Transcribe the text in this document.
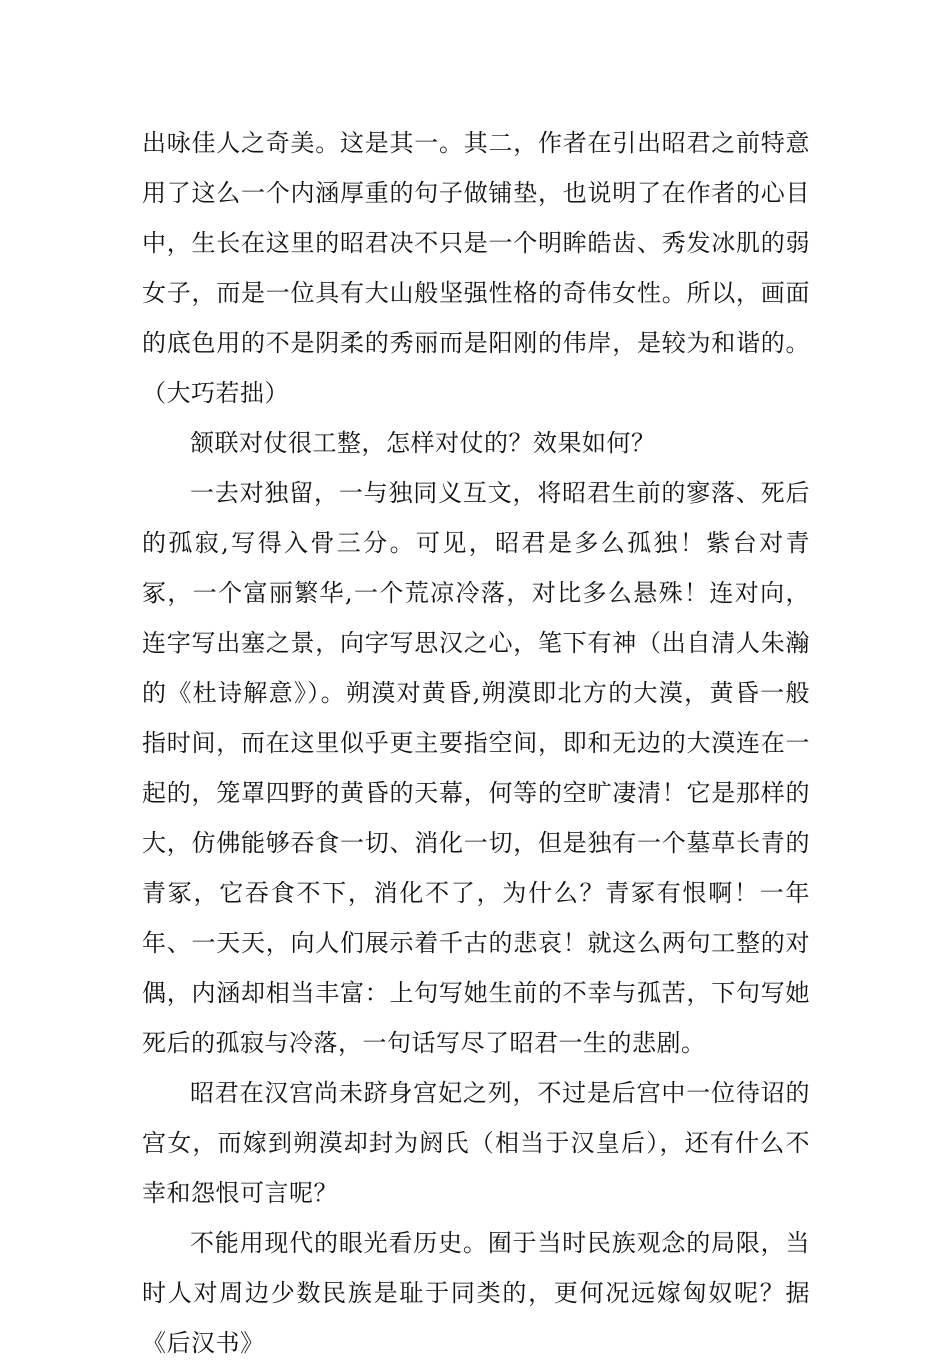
出咏佳人之奇美。这是其一。其二，作者在引出昭君之前特意用了这么一个内涵厚重的句子做铺垫，也说明了在作者的心目中，生长在这里的昭君决不只是一个明眸皓齿、秀发冰肌的弱女子，而是一位具有大山般坚强性格的奇伟女性。所以，画面的底色用的不是阴柔的秀丽而是阳刚的伟岸，是较为和谐的。（大巧若拙）

颔联对仗很工整，怎样对仗的？效果如何？

一去对独留，一与独同义互文，将昭君生前的寥落、死后的孤寂,写得入骨三分。可见，昭君是多么孤独！紫台对青冢，一个富丽繁华,一个荒凉冷落，对比多么悬殊！连对向，连字写出塞之景，向字写思汉之心，笔下有神（出自清人朱瀚的《杜诗解意》）。朔漠对黄昏,朔漠即北方的大漠，黄昏一般指时间，而在这里似乎更主要指空间，即和无边的大漠连在一起的，笼罩四野的黄昏的天幕，何等的空旷凄清！它是那样的大，仿佛能够吞食一切、消化一切，但是独有一个墓草长青的青冢，它吞食不下，消化不了，为什么？青冢有恨啊！一年年、一天天，向人们展示着千古的悲哀！就这么两句工整的对偶，内涵却相当丰富：上句写她生前的不幸与孤苦，下句写她死后的孤寂与冷落，一句话写尽了昭君一生的悲剧。

昭君在汉宫尚未跻身宫妃之列，不过是后宫中一位待诏的宫女，而嫁到朔漠却封为阏氏（相当于汉皇后），还有什么不幸和怨恨可言呢？

不能用现代的眼光看历史。囿于当时民族观念的局限，当时人对周边少数民族是耻于同类的，更何况远嫁匈奴呢？据《后汉书》
